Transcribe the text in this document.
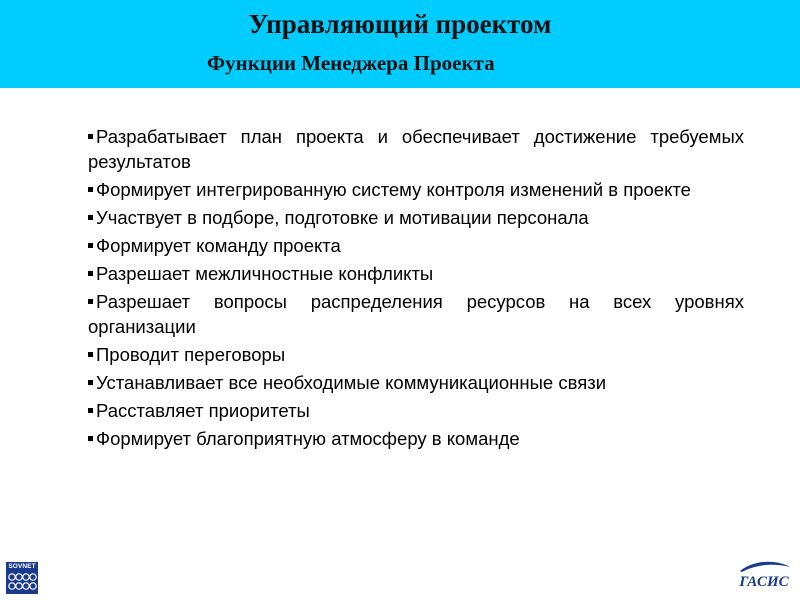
Управляющий проектом
Функции Менеджера Проекта
Разрабатывает план проекта и обеспечивает достижение требуемых результатов
Формирует интегрированную систему контроля изменений в проекте
Участвует в подборе, подготовке и мотивации персонала
Формирует команду проекта
Разрешает межличностные конфликты
Разрешает вопросы распределения ресурсов на всех уровнях организации
Проводит переговоры
Устанавливает все необходимые коммуникационные связи
Расставляет приоритеты
Формирует благоприятную атмосферу в команде
SOVNET
ГАСИС
